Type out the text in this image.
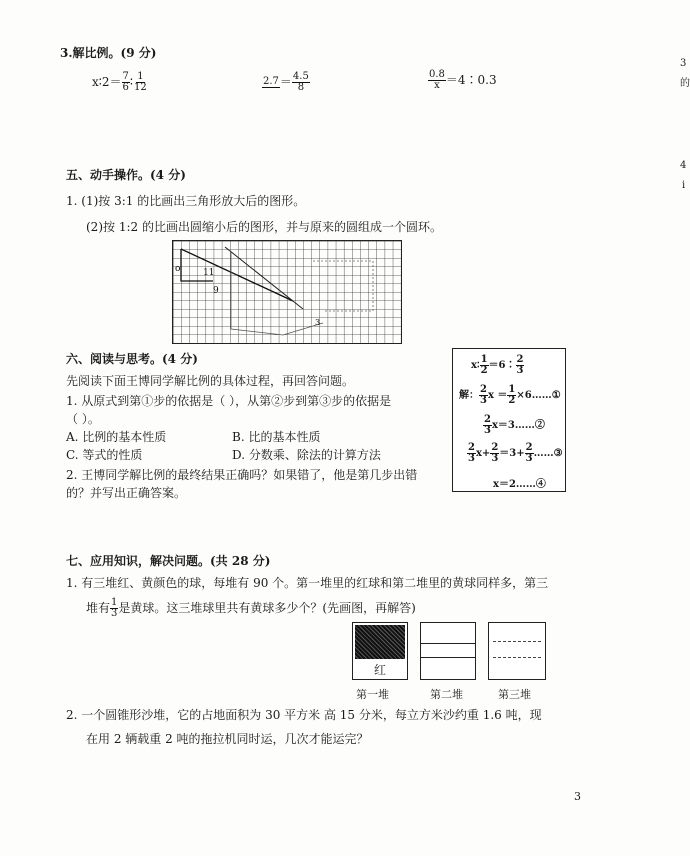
3.解比例。(9 分)
x∶2＝ $\frac{7}{6}$ ∶ $\frac{1}{12}$	$2.7 = \frac{4.5}{8}$	$\frac{0.8}{x}$ ＝4∶0.3
五、动手操作。(4 分)
1. (1)按 3:1 的比画出三角形放大后的图形。
(2)按 1:2 的比画出圆缩小后的图形，并与原来的圆组成一个圆环。
o	11
9
3
六、阅读与思考。(4 分)
先阅读下面王博同学解比例的具体过程，再回答问题。
1. 从原式到第①步的依据是（ ），从第②步到第③步的依据是
（ ）。
A. 比例的基本性质	B. 比的基本性质
C. 等式的性质	D. 分数乘、除法的计算方法
2. 王博同学解比例的最终结果正确吗？如果错了，他是第几步出错
的？并写出正确答案。
x∶ $\frac{1}{2}$ ＝6∶ $\frac{2}{3}$
解： $\frac{2}{3}$ $x = \frac{1}{2}$ ×6……①
$\frac{2}{3}$ x＝3……②
$\frac{2}{3} x+ \frac{2}{3} =3+ \frac{2}{3}$ ……③
x＝2……④
七、应用知识，解决问题。(共 28 分)
1. 有三堆红、黄颜色的球，每堆有 90 个。第一堆里的红球和第二堆里的黄球同样多，第三
堆有 $\frac{1}{3}$ 是黄球。这三堆球里共有黄球多少个？(先画图，再解答)
红
第一堆	第二堆	第三堆
2. 一个圆锥形沙堆，它的占地面积为 30 平方米 高 15 分米，每立方米沙约重 1.6 吨，现
在用 2 辆载重 2 吨的拖拉机同时运，几次才能运完？
3
3
的
4
i
